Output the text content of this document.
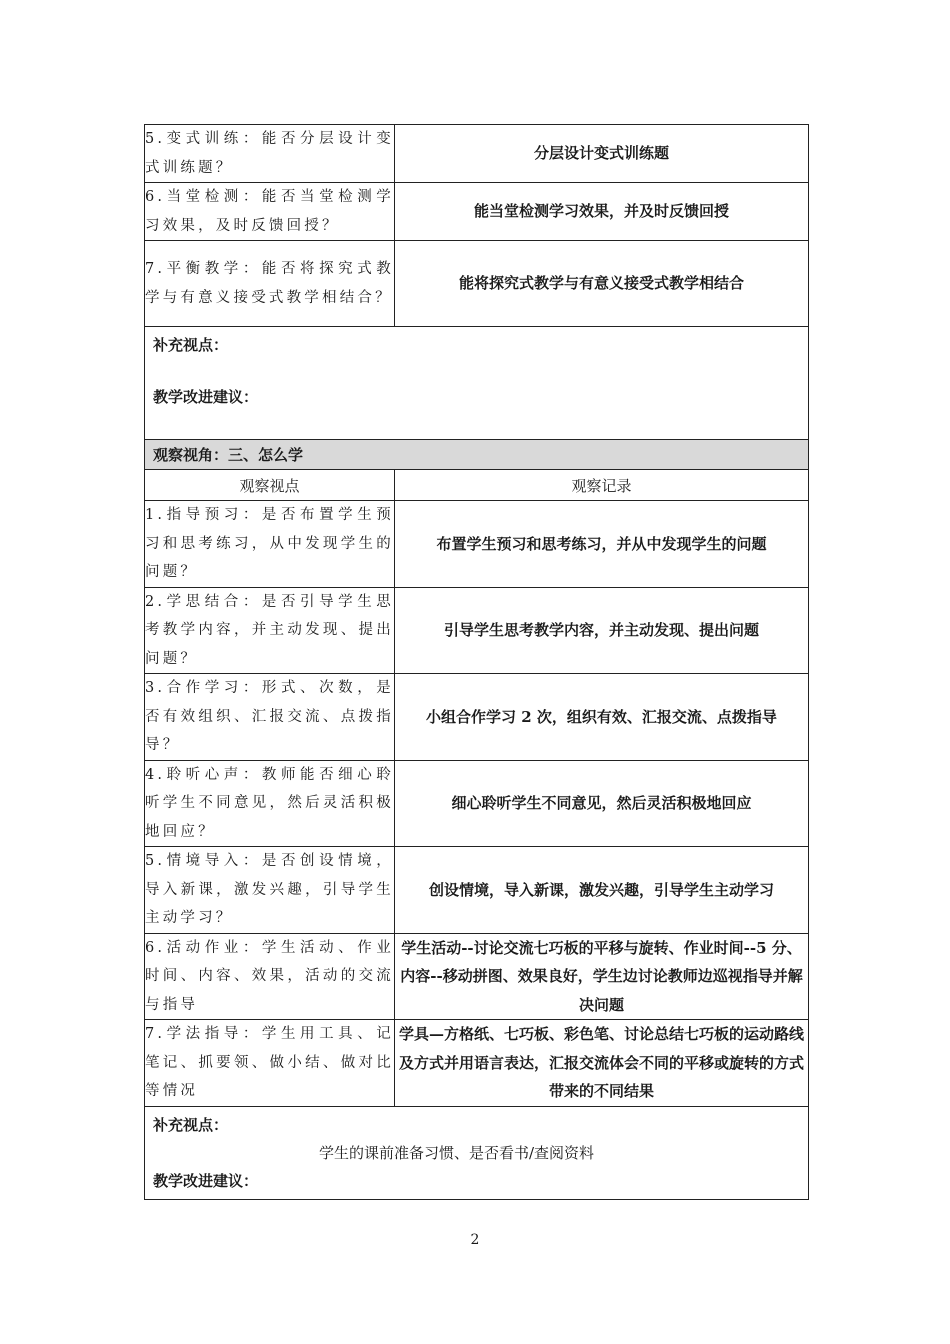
5.变式训练：能否分层设计变式训练题？	分层设计变式训练题
6.当堂检测：能否当堂检测学习效果，及时反馈回授？	能当堂检测学习效果，并及时反馈回授
7.平衡教学：能否将探究式教学与有意义接受式教学相结合？	能将探究式教学与有意义接受式教学相结合

补充视点：
教学改进建议：	

观察视角：三、怎么学	
观察视点	观察记录
1.指导预习：是否布置学生预习和思考练习，从中发现学生的问题？	布置学生预习和思考练习，并从中发现学生的问题
2.学思结合：是否引导学生思考教学内容，并主动发现、提出问题？	引导学生思考教学内容，并主动发现、提出问题
3.合作学习：形式、次数，是否有效组织、汇报交流、点拨指导？	小组合作学习 2 次，组织有效、汇报交流、点拨指导
4.聆听心声：教师能否细心聆听学生不同意见，然后灵活积极地回应？	细心聆听学生不同意见，然后灵活积极地回应
5.情境导入：是否创设情境，导入新课，激发兴趣，引导学生主动学习？	创设情境，导入新课，激发兴趣，引导学生主动学习
6.活动作业：学生活动、作业时间、内容、效果，活动的交流与指导	学生活动--讨论交流七巧板的平移与旋转、作业时间--5 分、内容--移动拼图、效果良好，学生边讨论教师边巡视指导并解决问题
7.学法指导：学生用工具、记笔记、抓要领、做小结、做对比等情况	学具—方格纸、七巧板、彩色笔、讨论总结七巧板的运动路线及方式并用语言表达，汇报交流体会不同的平移或旋转的方式带来的不同结果

补充视点：
学生的课前准备习惯、是否看书/查阅资料
教学改进建议：	
2
